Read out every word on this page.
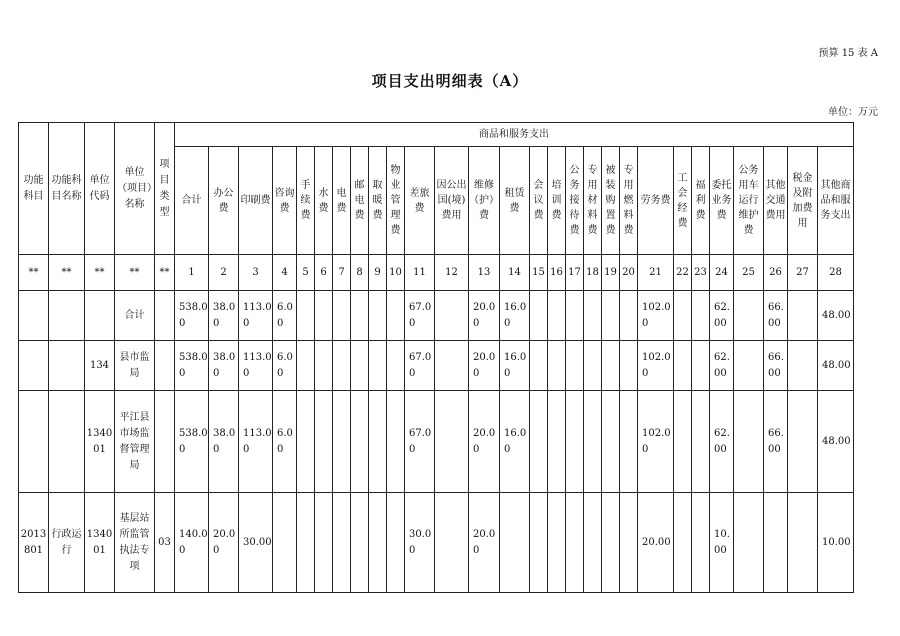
预算 15 表 A
项目支出明细表（A）
单位：万元
功能科目	功能科目名称	单位代码	单位（项目）名称	项目类型	商品和服务支出																											
					合计	办公费	印刷费	咨询费	手续费	水费	电费	邮电费	取暖费	物业管理费	差旅费	因公出国(境)费用	维修（护）费	租赁费	会议费	培训费	公务接待费	专用材料费	被装购置费	专用燃料费	劳务费	工会经费	福利费	委托业务费	公务用车运行维护费	其他交通费用	税金及附加费用	其他商品和服务支出
**	**	**	**	**	1	2	3	4	5	6	7	8	9	10	11	12	13	14	15	16	17	18	19	20	21	22	23	24	25	26	27	28
			合计		538.00	38.00	113.00	6.00							67.00		20.00	16.00							102.00			62.00		66.00		48.00
		134	县市监局		538.00	38.00	113.00	6.00							67.00		20.00	16.00							102.00			62.00		66.00		48.00
		134001	平江县市场监督管理局		538.00	38.00	113.00	6.00							67.00		20.00	16.00							102.00			62.00		66.00		48.00
2013801	行政运行	134001	基层站所监管执法专项	03	140.00	20.00	30.00								30.00		20.00								20.00			10.00				10.00
